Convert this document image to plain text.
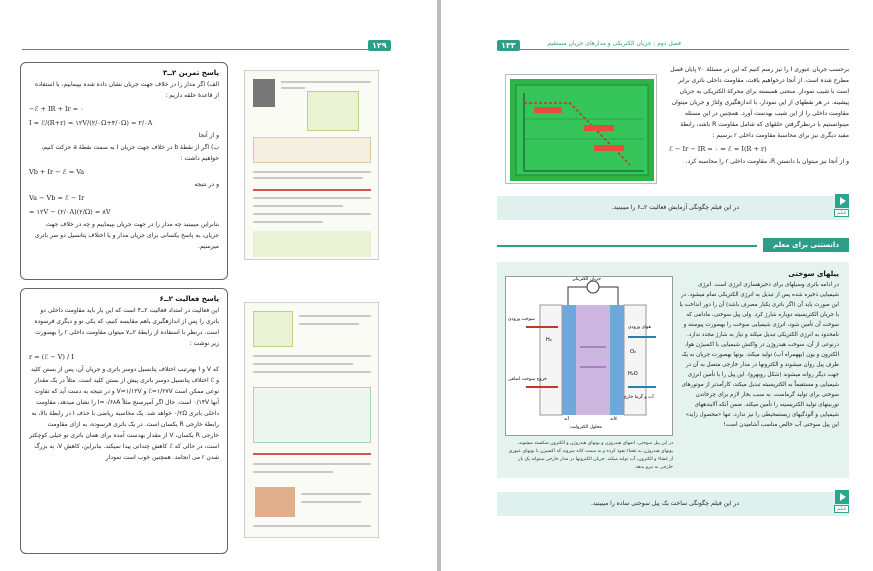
۱۲۹
پاسخ تمرین ۲ــ۳

الف) اگر مدار را در خلاف جهت جریان نشان داده شده بپیماییم، با استفاده از قاعدهٔ حلقه داریم :

−ℰ + IR + Ir = ۰
I = ℰ/(R+r) = ۱۲V/(۲/۰Ω+۴/۰Ω) = ۲/۰A

و از آنجا

ب) اگر از نقطهٔ b در خلاف جهت جریان I به سمت نقطهٔ a حرکت کنیم، خواهیم داشت :

Vb + Ir − ℰ = Va

و در نتیجه

Va − Vb = ℰ − Ir
= ۱۲V − (۲/۰A)(۲/Ω) = ۸V

بنابراین میبینید چه مدار را در جهت جریان بپیماییم و چه در خلاف جهت جریان، به پاسخ یکسانی برای جریان مدار و یا اختلاف پتانسیل دو سر باتری میرسیم.

پاسخ فعالیت ۲ــ۶

این فعالیت در امتداد فعالیت ۲ــ۴ است که این بار باید مقاومت داخلی دو باتری را پس از اندازهگیری باهم مقایسه کنیم، که یکی نو و دیگری فرسوده است. درنظر با استفاده از رابطهٔ ۲ــ۷ میتوان مقاومت داخلی r را بهصورت زیر نوشت :

r = (ℰ − V) / I

که V و I بهترتیب اختلاف پتانسیل دوسر باتری و جریان آن، پس از بستن کلید و ℰ اختلاف پتانسیل دوسر باتری پیش از بستن کلید است. مثلاً در یک مقدار نوعی ممکن است ℰ=۱/۲۷V و V=۱/۱۳V و در نتیجه به دست آید که تفاوت آنها ۰/۱۴V است. حال اگر آمپرسنج مثلاً I=۰/۶۸A را نشان میدهد، مقاومت داخلی باتری ۰/۲Ω خواهد شد. یک محاسبه ریاضی با حذف I در رابطهٔ بالا، به رابطهٔ خارجی R یکسان است. در یک باتری فرسوده، به ازای مقاومت خارجی R یکسان، V از مقدار بهدست آمده برای همان باتری نو خیلی کوچکتر است، در حالی که ℰ کاهش چندانی پیدا نمیکند. بنابراین، کاهش V، به بزرگ شدن r می انجامد. همچنین خوب است نمودار

۱۳۳	فصل دوم : جریان الکتریکی و مدارهای جریان مستقیم

برحسب جریان عبوری I را نیز رسم کنیم که این در مسئلهٔ ۲۰ پایان فصل مطرح شده است. از آنجا درخواهیم یافت، مقاومت داخلی باتری برابر است با شیب نمودار. منحنی همبسته برای محرکهٔ الکتریکی به جریان پیشینه. در هر نقطهای از این نمودار، با اندازهگیری ولتاژ و جریان میتوان مقاومت داخلی را از این شیب بهدست آورد. همچنین در این مسئله مینوانستیم با درنظرگرفتن حلقهای که شامل مقاومت R باشد، رابطهٔ مفید دیگری نیز برای محاسبهٔ مقاومت داخلی r برسیم :

ℰ − Ir − IR = ۰ ⇒ ℰ = I(R + r)

و از آنجا نیز میتوان با دانستن R، مقاومت داخلی r را محاسبه کرد.

در این فیلم چگونگی آزمایش فعالیت ۲ــ۶ را میبینید.
فیلم
دانستنی برای معلم
پیلهای سوختی
در ادامه باتری وسیلهای برای ذخیرهسازی انرژی است. انرژی شیمیایی ذخیره شده پس از تبدیل به انرژی الکتریکی تمام میشود. در این صورت باید آن (اگر باتری یکبار مصرف باشد) آن را دور انداخت یا با جریان الکتریسیته دوباره شارژ کرد. ولی پیل سوختی، مادامی که سوخت آن تأمین شود، انرژی شیمیایی سوخت را بهصورت پیوسته و نامحدود به انرژی الکتریکی تبدیل میکند و نیاز به شارژ مجدد ندارد. درنوعی از آن، سوخت هیدروژن در واکنش شیمیایی با اکسیژن هوا، الکترون و یون (بههمراه آب) تولید میکند. یونها بهصورت جریان به یک طرف پیل روان میشوند و الکترونها در مدار خارجی متصل به آن در جهت دیگر روانه میشوند (شکل روبهرو). این پیل را با تأمین انرژی شیمیایی و مستقیماً به الکتریسیته تبدیل میکند، کارآمدتر از موتورهای سوختی برای تولید گرماست. به سبب بخار لازم برای چرخاندن توربینهای تولید الکتریسیته را تأمین میکند. ضمن آنکه آلایندههای شیمیایی و آلودگیهای زیستمحیطی را نیز ندارد. تنها «محصول زاید» این پیل سوختی آب خالص مناسب آشامیدن است!
جریان الکتریکی
سوخت ورودی
هوای ورودی
خروج سوخت اضافی
آب و گرما خارج
آند	کاتد
محلول الکترولیت
H₂
O₂
H₂O
در این پیل سوختی، اتمهای هیدروژن و یونهای هیدروژن و الکترون شکسته میشوند. یونهای هیدروژن به غشاء نفوذ کرده و به سمت کاتد میروند که اکسیژن با یونهای عبوری از غشاء و الکترون، آب تولید میکند. جریان الکترونها در مدار خارجی میتواند یک بار خارجی به نیرو بدهد.
در این فیلم چگونگی ساخت یک پیل سوختی ساده را میبینید.
فیلم
